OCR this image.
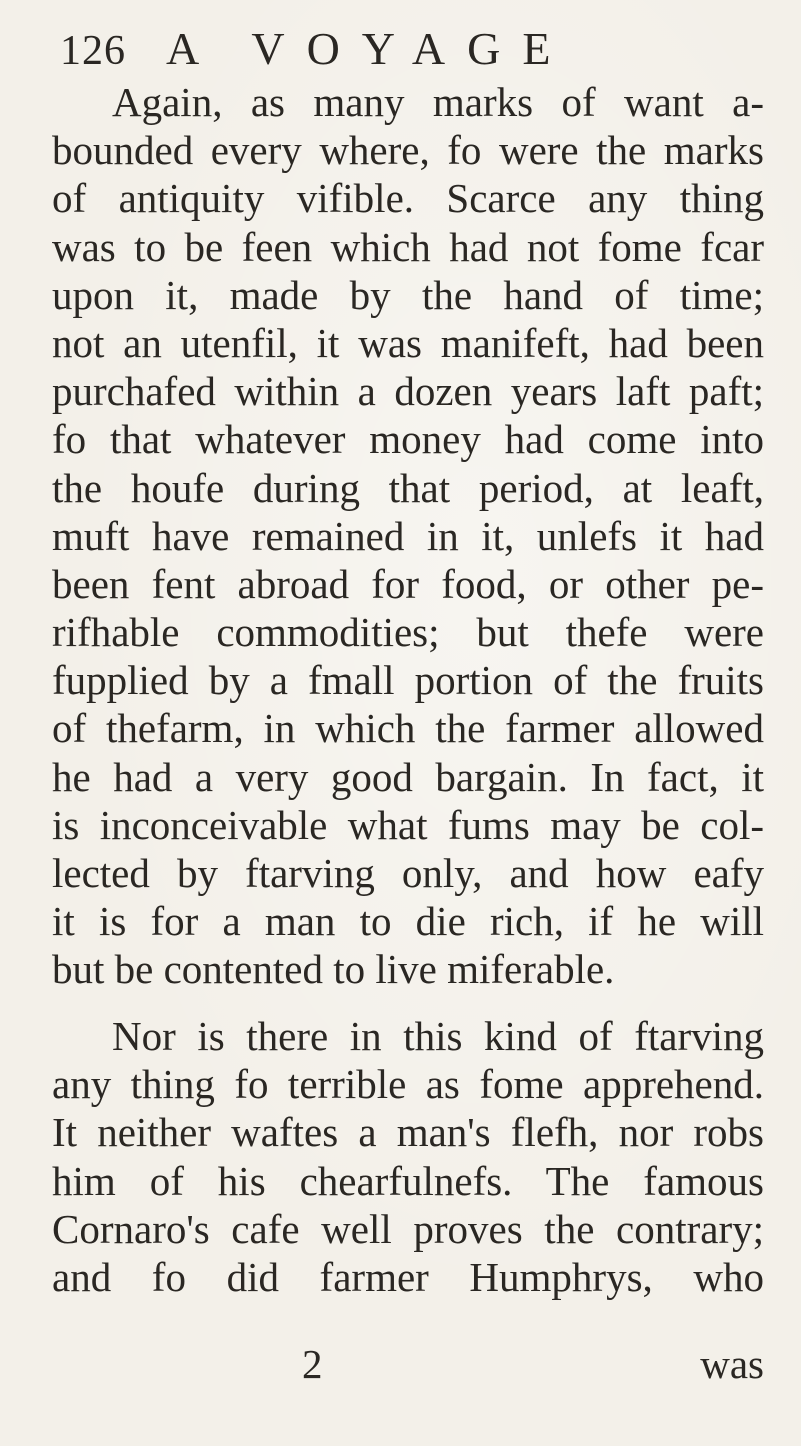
126 A VOYAGE
Again, as many marks of want a-
bounded every where, fo were the marks
of antiquity vifible. Scarce any thing
was to be feen which had not fome fcar
upon it, made by the hand of time;
not an utenfil, it was manifeft, had been
purchafed within a dozen years laft paft;
fo that whatever money had come into
the houfe during that period, at leaft,
muft have remained in it, unlefs it had
been fent abroad for food, or other pe-
rifhable commodities; but thefe were
fupplied by a fmall portion of the fruits
of thefarm, in which the farmer allowed
he had a very good bargain. In fact, it
is inconceivable what fums may be col-
lected by ftarving only, and how eafy
it is for a man to die rich, if he will
but be contented to live miferable.
Nor is there in this kind of ftarving
any thing fo terrible as fome apprehend.
It neither waftes a man's flefh, nor robs
him of his chearfulnefs. The famous
Cornaro's cafe well proves the contrary;
and fo did farmer Humphrys, who
2	was
